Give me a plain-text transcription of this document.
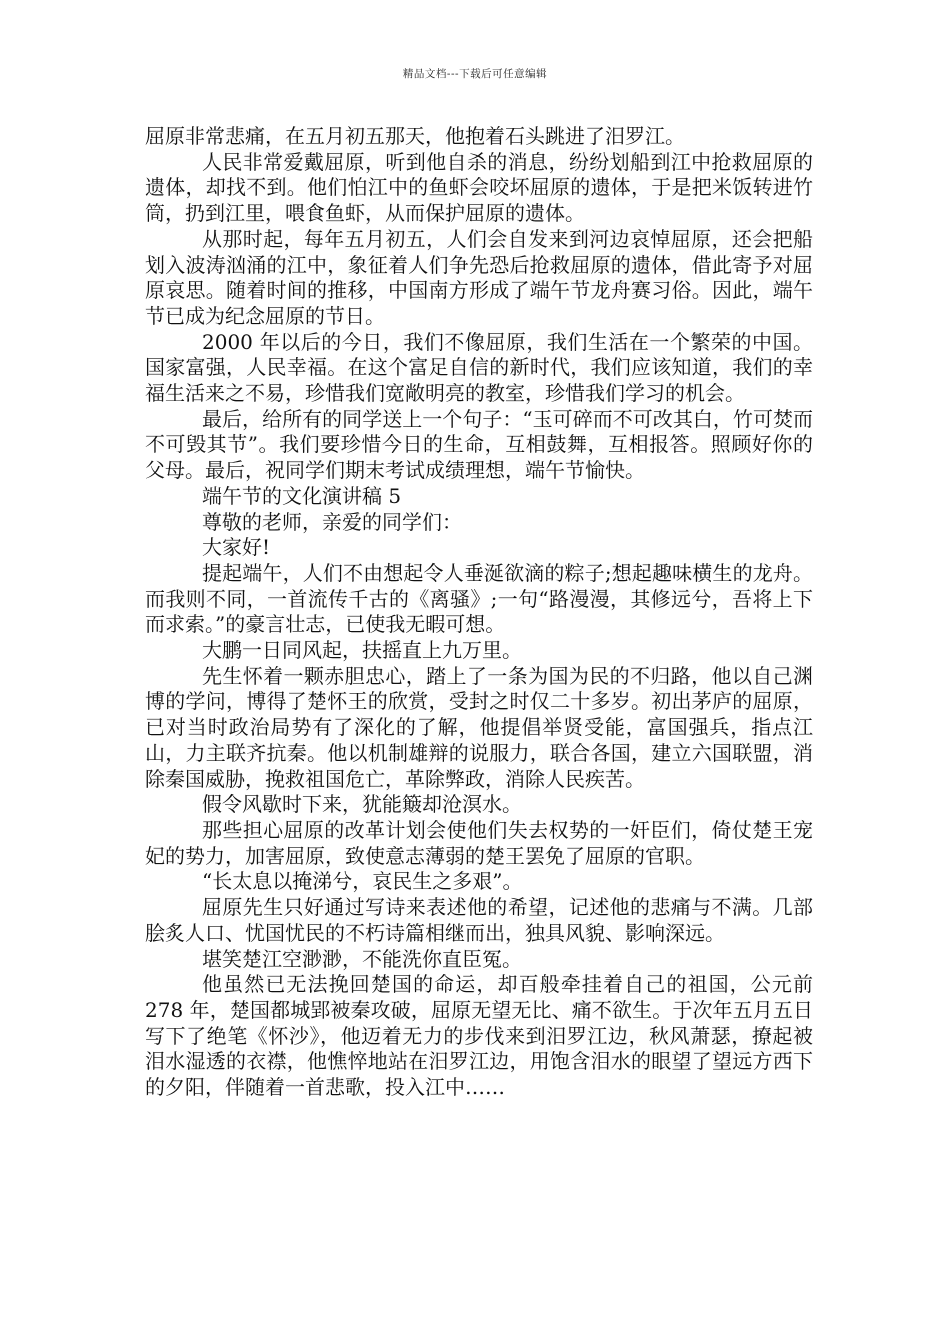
精品文档---下载后可任意编辑

屈原非常悲痛，在五月初五那天，他抱着石头跳进了汨罗江。

人民非常爱戴屈原，听到他自杀的消息，纷纷划船到江中抢救屈原的遗体，却找不到。他们怕江中的鱼虾会咬坏屈原的遗体，于是把米饭转进竹筒，扔到江里，喂食鱼虾，从而保护屈原的遗体。

从那时起，每年五月初五，人们会自发来到河边哀悼屈原，还会把船划入波涛汹涌的江中，象征着人们争先恐后抢救屈原的遗体，借此寄予对屈原哀思。随着时间的推移，中国南方形成了端午节龙舟赛习俗。因此，端午节已成为纪念屈原的节日。

2000 年以后的今日，我们不像屈原，我们生活在一个繁荣的中国。国家富强，人民幸福。在这个富足自信的新时代，我们应该知道，我们的幸福生活来之不易，珍惜我们宽敞明亮的教室，珍惜我们学习的机会。

最后，给所有的同学送上一个句子：“玉可碎而不可改其白，竹可焚而不可毁其节”。我们要珍惜今日的生命，互相鼓舞，互相报答。照顾好你的父母。最后，祝同学们期末考试成绩理想，端午节愉快。

端午节的文化演讲稿 5

尊敬的老师，亲爱的同学们：

大家好!

提起端午，人们不由想起令人垂涎欲滴的粽子;想起趣味横生的龙舟。而我则不同，一首流传千古的《离骚》;一句“路漫漫，其修远兮，吾将上下而求索。”的豪言壮志，已使我无暇可想。

大鹏一日同风起，扶摇直上九万里。

先生怀着一颗赤胆忠心，踏上了一条为国为民的不归路，他以自己渊博的学问，博得了楚怀王的欣赏，受封之时仅二十多岁。初出茅庐的屈原，已对当时政治局势有了深化的了解，他提倡举贤受能，富国强兵，指点江山，力主联齐抗秦。他以机制雄辩的说服力，联合各国，建立六国联盟，消除秦国威胁，挽救祖国危亡，革除弊政，消除人民疾苦。

假令风歇时下来，犹能簸却沧溟水。

那些担心屈原的改革计划会使他们失去权势的一奸臣们，倚仗楚王宠妃的势力，加害屈原，致使意志薄弱的楚王罢免了屈原的官职。

“长太息以掩涕兮，哀民生之多艰”。

屈原先生只好通过写诗来表述他的希望，记述他的悲痛与不满。几部脍炙人口、忧国忧民的不朽诗篇相继而出，独具风貌、影响深远。

堪笑楚江空渺渺，不能洗你直臣冤。

他虽然已无法挽回楚国的命运，却百般牵挂着自己的祖国，公元前 278 年，楚国都城郢被秦攻破，屈原无望无比、痛不欲生。于次年五月五日写下了绝笔《怀沙》，他迈着无力的步伐来到汨罗江边，秋风萧瑟，撩起被泪水湿透的衣襟，他憔悴地站在汨罗江边，用饱含泪水的眼望了望远方西下的夕阳，伴随着一首悲歌，投入江中……
